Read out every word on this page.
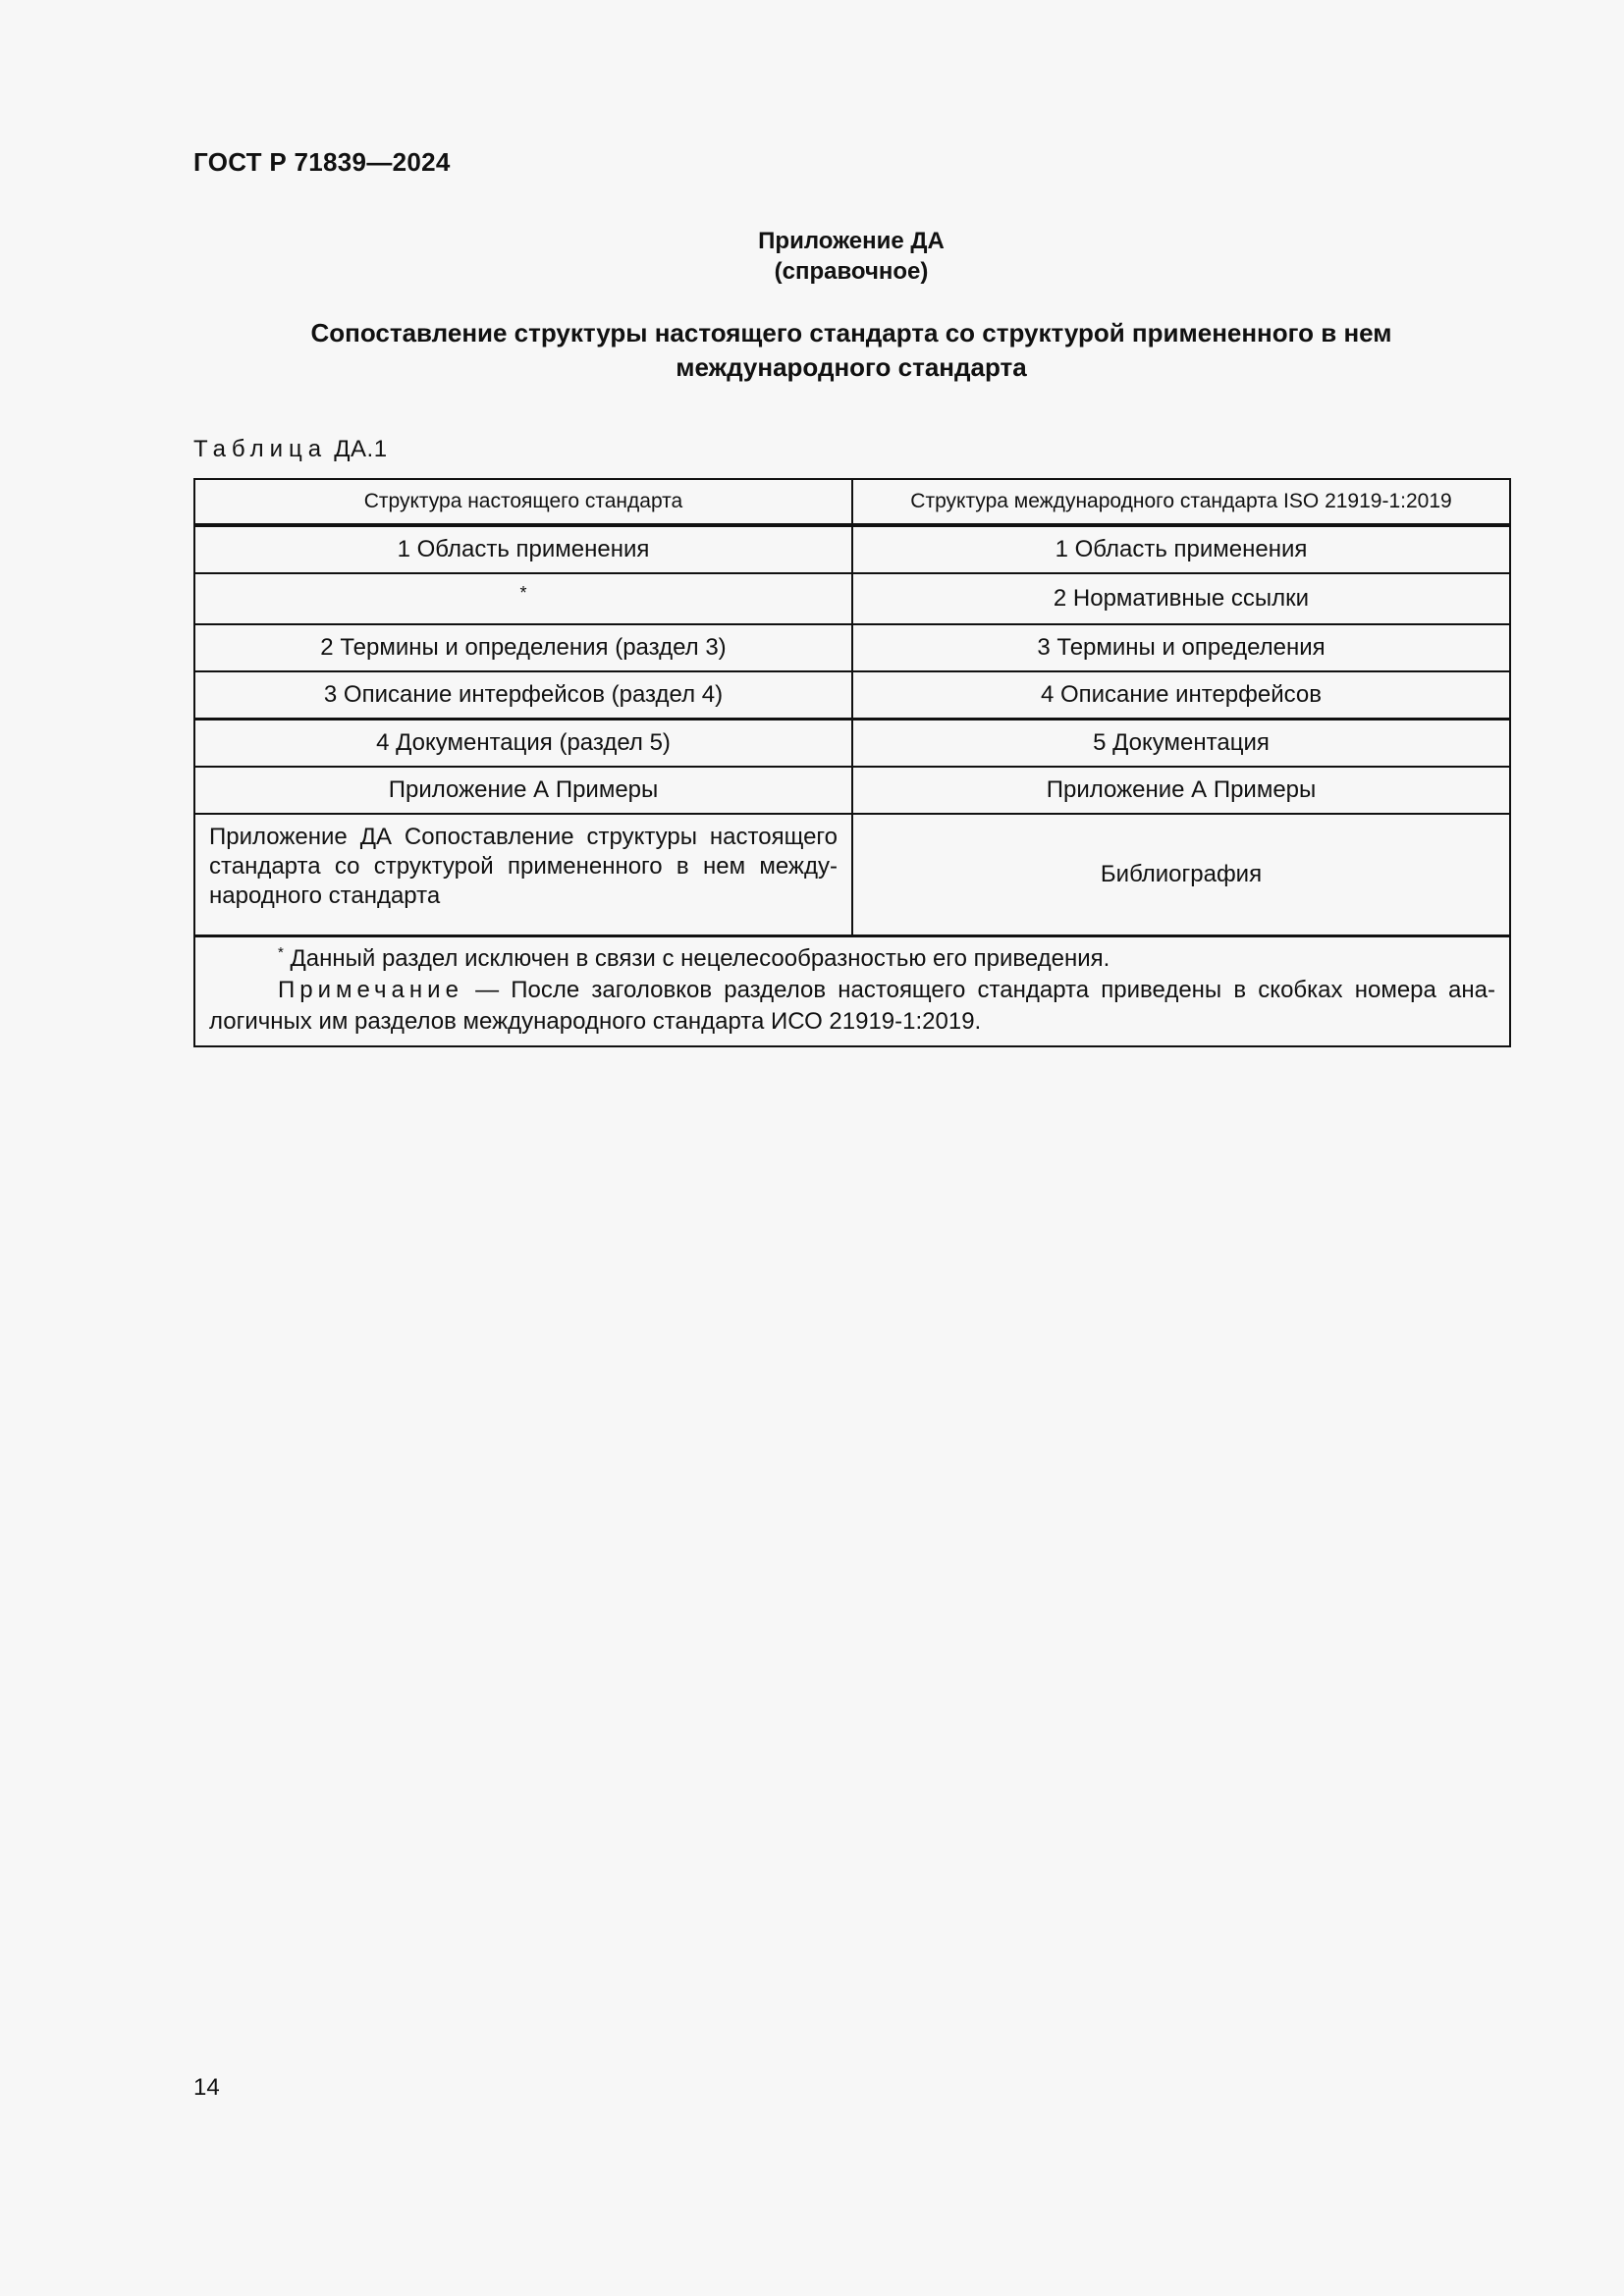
ГОСТ Р 71839—2024
Приложение ДА
(справочное)
Сопоставление структуры настоящего стандарта со структурой примененного в нем
международного стандарта
Таблица ДА.1
Структура настоящего стандарта	Структура международного стандарта ISO 21919-1:2019
1 Область применения	1 Область применения
*	2 Нормативные ссылки
2 Термины и определения (раздел 3)	3 Термины и определения
3 Описание интерфейсов (раздел 4)	4 Описание интерфейсов
4 Документация (раздел 5)	5 Документация
Приложение А Примеры	Приложение А Примеры
Приложение ДА Сопоставление структуры настоящего стандарта со структурой примененного в нем международного стандарта	Библиография

* Данный раздел исключен в связи с нецелесообразностью его приведения.
Примечание — После заголовков разделов настоящего стандарта приведены в скобках номера аналогичных им разделов международного стандарта ИСО 21919-1:2019.	
14
